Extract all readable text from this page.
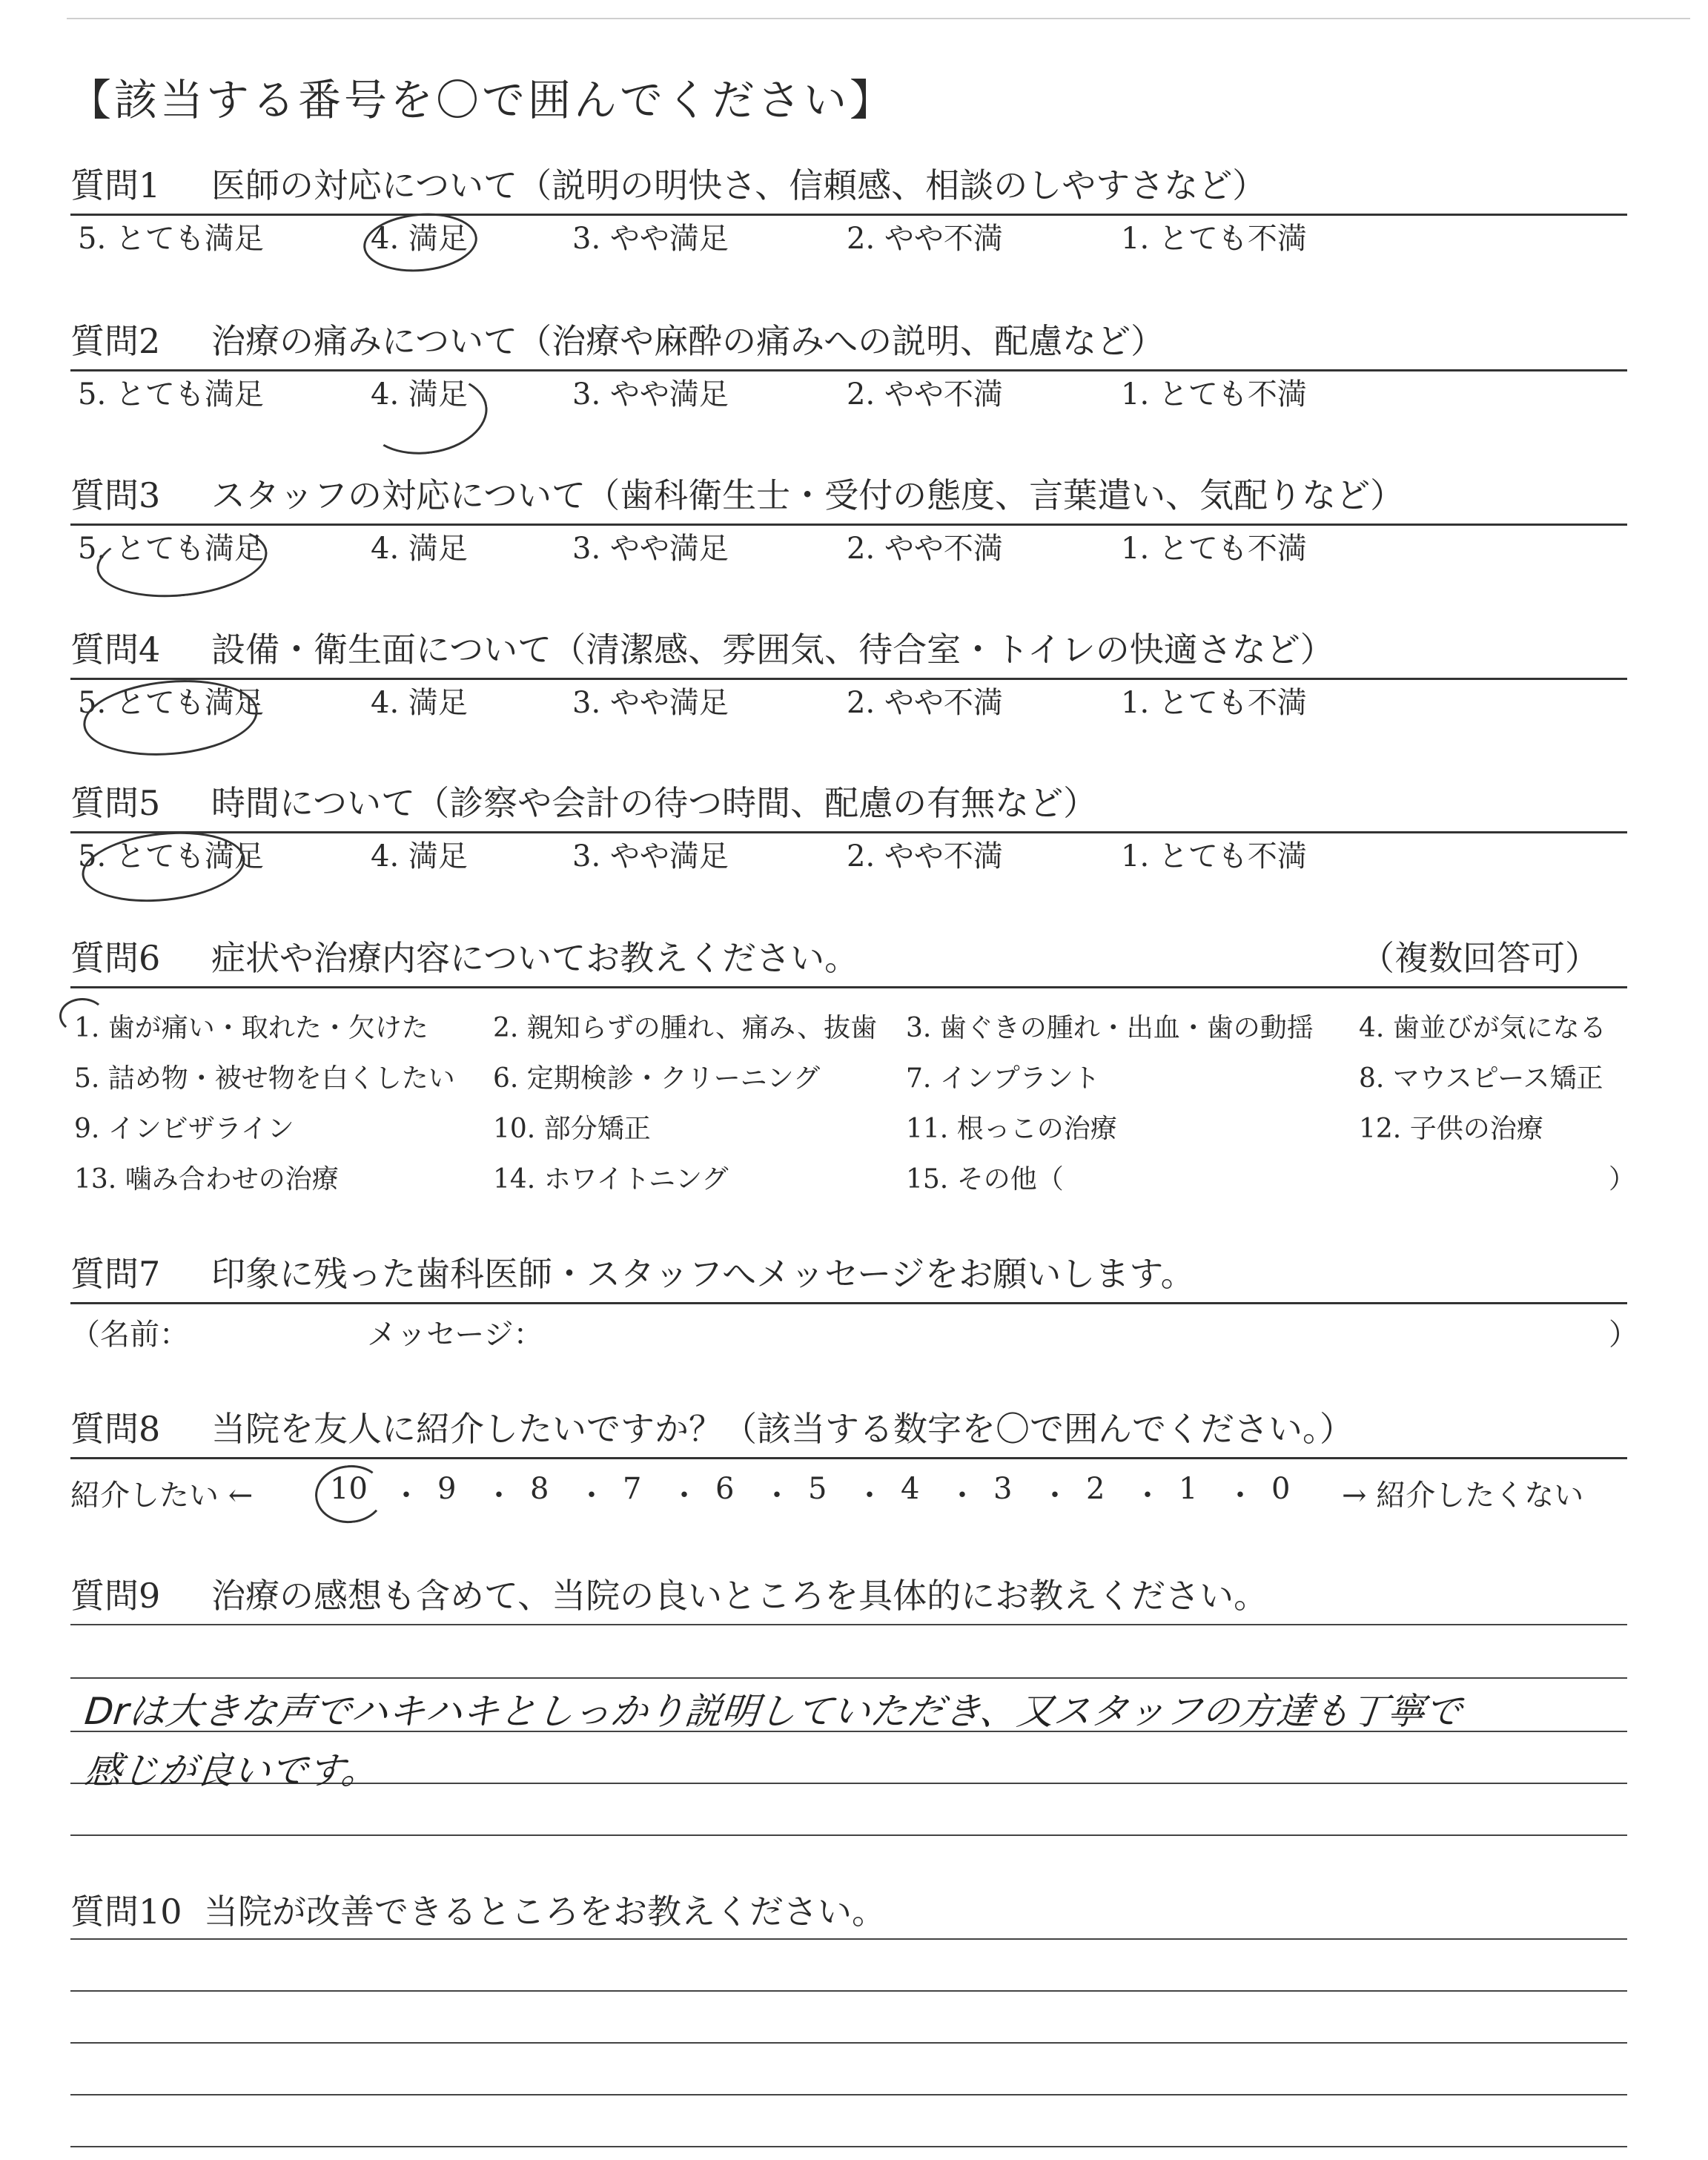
【該当する番号を〇で囲んでください】
質問1 医師の対応について（説明の明快さ、信頼感、相談のしやすさなど）
5. とても満足	4. 満足	3. やや満足	2. やや不満	1. とても不満
質問2 治療の痛みについて（治療や麻酔の痛みへの説明、配慮など）
5. とても満足	4. 満足	3. やや満足	2. やや不満	1. とても不満
質問3 スタッフの対応について（歯科衛生士・受付の態度、言葉遣い、気配りなど）
5. とても満足	4. 満足	3. やや満足	2. やや不満	1. とても不満
質問4 設備・衛生面について（清潔感、雰囲気、待合室・トイレの快適さなど）
5. とても満足	4. 満足	3. やや満足	2. やや不満	1. とても不満
質問5 時間について（診察や会計の待つ時間、配慮の有無など）
5. とても満足	4. 満足	3. やや満足	2. やや不満	1. とても不満
質問6 症状や治療内容についてお教えください。	（複数回答可）
1. 歯が痛い・取れた・欠けた 2. 親知らずの腫れ、痛み、抜歯 3. 歯ぐきの腫れ・出血・歯の動揺 4. 歯並びが気になる
5. 詰め物・被せ物を白くしたい 6. 定期検診・クリーニング	7. インプラント	8. マウスピース矯正
9. インビザライン	10. 部分矯正	11. 根っこの治療	12. 子供の治療
13. 噛み合わせの治療	14. ホワイトニング	15. その他（	）
質問7 印象に残った歯科医師・スタッフへメッセージをお願いします。
（名前：	メッセージ：	）
質問8 当院を友人に紹介したいですか？（該当する数字を〇で囲んでください。）
紹介したい ←	10 ・ 9 ・ 8 ・ 7 ・ 6 ・ 5 ・ 4 ・ 3 ・ 2 ・ 1 ・ 0 → 紹介したくない
質問9 治療の感想も含めて、当院の良いところを具体的にお教えください。
Drは大きな声でハキハキとしっかり説明していただき、又スタッフの方達も丁寧で
感じが良いです。
質問10 当院が改善できるところをお教えください。
